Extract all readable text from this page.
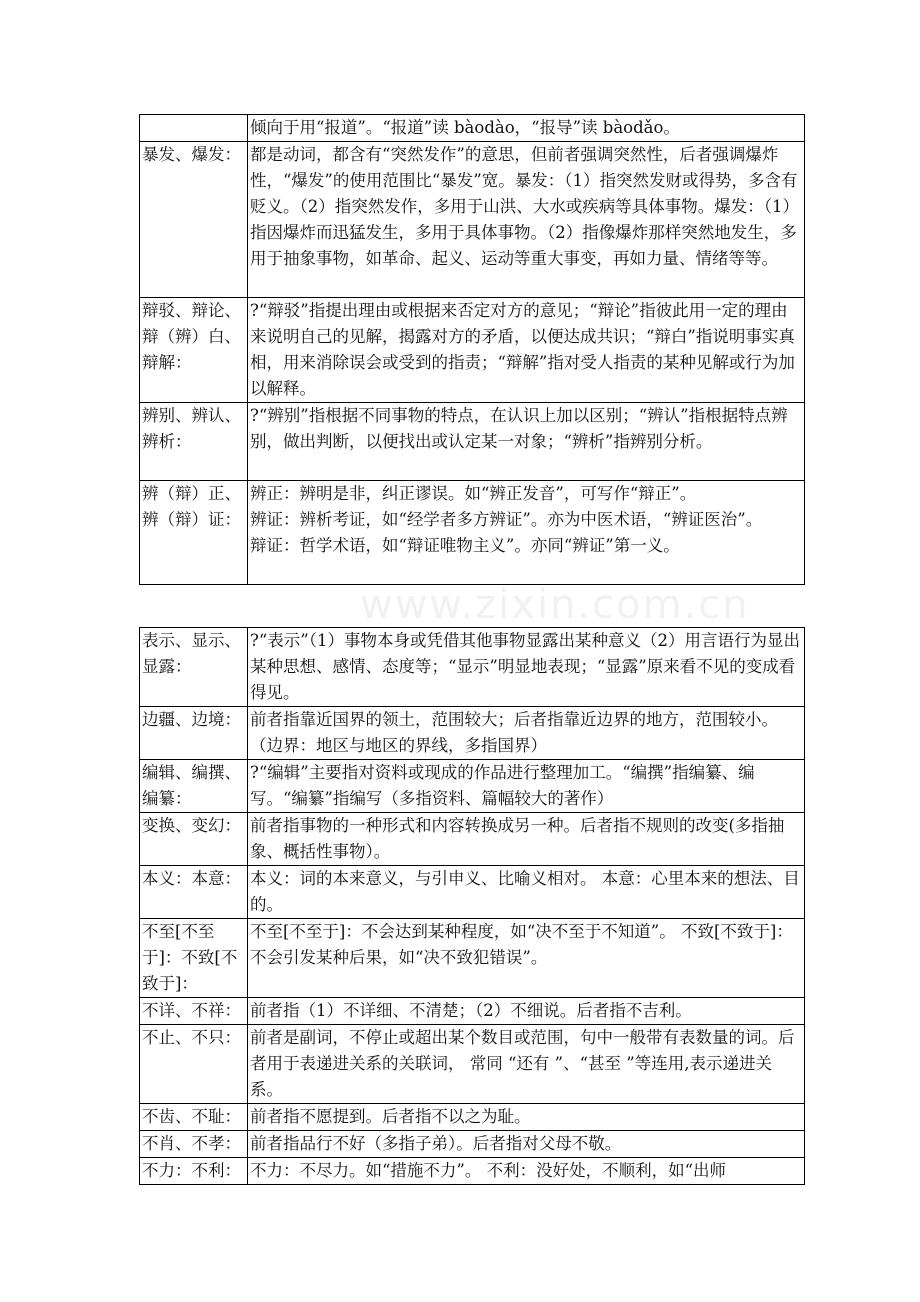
www.zixin.com.cn
	倾向于用“报道”。“报道”读 bàodào，“报导”读 bàodǎo。
暴发、爆发：	都是动词，都含有“突然发作”的意思，但前者强调突然性，后者强调爆炸性，“爆发”的使用范围比“暴发”宽。暴发：（1）指突然发财或得势，多含有贬义。（2）指突然发作，多用于山洪、大水或疾病等具体事物。爆发：（1）指因爆炸而迅猛发生，多用于具体事物。（2）指像爆炸那样突然地发生，多用于抽象事物，如革命、起义、运动等重大事变，再如力量、情绪等等。
辩驳、辩论、辩（辨）白、辩解：	?“辩驳”指提出理由或根据来否定对方的意见；“辩论”指彼此用一定的理由来说明自己的见解，揭露对方的矛盾，以便达成共识；“辩白”指说明事实真相，用来消除误会或受到的指责；“辩解”指对受人指责的某种见解或行为加以解释。
辨别、辨认、辨析：	?“辨别”指根据不同事物的特点，在认识上加以区别；“辨认”指根据特点辨别，做出判断，以便找出或认定某一对象；“辨析”指辨别分析。
辨（辩）正、辨（辩）证：	辨正：辨明是非，纠正谬误。如“辨正发音”，可写作“辩正”。
辨证：辨析考证，如“经学者多方辨证”。亦为中医术语，“辨证医治”。
辩证：哲学术语，如“辩证唯物主义”。亦同“辨证”第一义。
表示、显示、显露：	?“表示”（1）事物本身或凭借其他事物显露出某种意义（2）用言语行为显出某种思想、感情、态度等；“显示”明显地表现；“显露”原来看不见的变成看得见。
边疆、边境：	前者指靠近国界的领土，范围较大；后者指靠近边界的地方，范围较小。（边界：地区与地区的界线，多指国界）
编辑、编撰、编纂：	?“编辑”主要指对资料或现成的作品进行整理加工。“编撰”指编纂、编写。“编纂”指编写（多指资料、篇幅较大的著作）
变换、变幻：	前者指事物的一种形式和内容转换成另一种。后者指不规则的改变(多指抽象、概括性事物）。
本义：本意：	本义：词的本来意义，与引申义、比喻义相对。 本意：心里本来的想法、目的。
不至[不至于]：不致[不致于]：	不至[不至于]：不会达到某种程度，如“决不至于不知道”。 不致[不致于]：不会引发某种后果，如“决不致犯错误”。
不详、不祥：	前者指（1）不详细、不清楚；（2）不细说。后者指不吉利。
不止、不只：	前者是副词，不停止或超出某个数目或范围，句中一般带有表数量的词。后者用于表递进关系的关联词， 常同 “还有 ”、“甚至 ”等连用,表示递进关系。
不齿、不耻：	前者指不愿提到。后者指不以之为耻。
不肖、不孝：	前者指品行不好（多指子弟）。后者指对父母不敬。
不力：不利：	不力：不尽力。如“措施不力”。 不利：没好处，不顺利，如“出师
